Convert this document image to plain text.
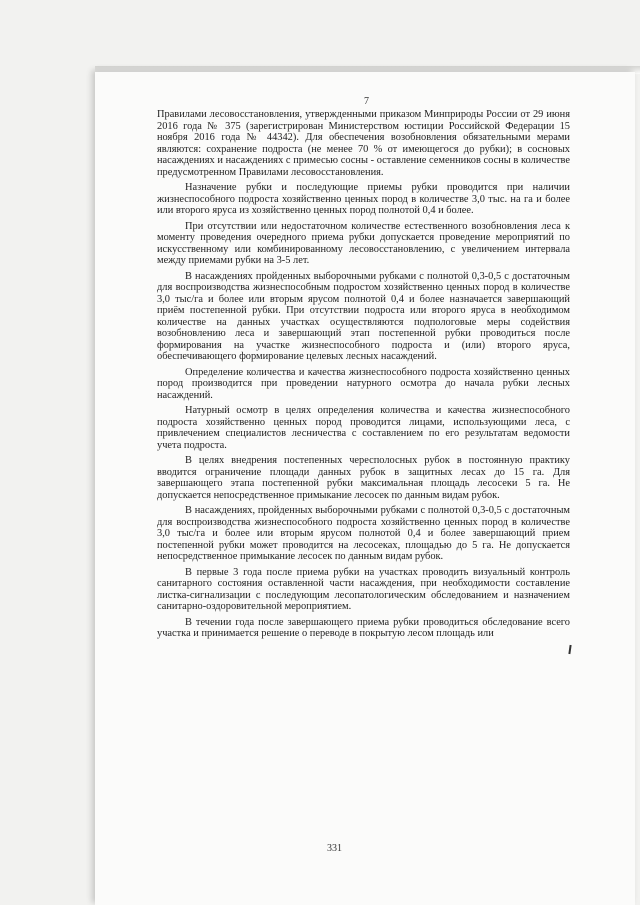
7

Правилами лесовосстановления, утвержденными приказом Минприроды России от 29 июня 2016 года № 375 (зарегистрирован Министерством юстиции Российской Федерации 15 ноября 2016 года № 44342). Для обеспечения возобновления обязательными мерами являются: сохранение подроста (не менее 70 % от имеющегося до рубки); в сосновых насаждениях и насаждениях с примесью сосны - оставление семенников сосны в количестве предусмотренном Правилами лесовосстановления.

Назначение рубки и последующие приемы рубки проводится при наличии жизнеспособного подроста хозяйственно ценных пород в количестве 3,0 тыс. на га и более или второго яруса из хозяйственно ценных пород полнотой 0,4 и более.

При отсутствии или недостаточном количестве естественного возобновления леса к моменту проведения очередного приема рубки допускается проведение мероприятий по искусственному или комбинированному лесовосстановлению, с увеличением интервала между приемами рубки на 3-5 лет.

В насаждениях пройденных выборочными рубками с полнотой 0,3-0,5 с достаточным для воспроизводства жизнеспособным подростом хозяйственно ценных пород в количестве 3,0 тыс/га и более или вторым ярусом полнотой 0,4 и более назначается завершающий приём постепенной рубки. При отсутствии подроста или второго яруса в необходимом количестве на данных участках осуществляются подпологовые меры содействия возобновлению леса и завершающий этап постепенной рубки проводиться после формирования на участке жизнеспособного подроста и (или) второго яруса, обеспечивающего формирование целевых лесных насаждений.

Определение количества и качества жизнеспособного подроста хозяйственно ценных пород производится при проведении натурного осмотра до начала рубки лесных насаждений.

Натурный осмотр в целях определения количества и качества жизнеспособного подроста хозяйственно ценных пород проводится лицами, использующими леса, с привлечением специалистов лесничества с составлением по его результатам ведомости учета подроста.

В целях внедрения постепенных чересполосных рубок в постоянную практику вводится ограничение площади данных рубок в защитных лесах до 15 га. Для завершающего этапа постепенной рубки максимальная площадь лесосеки 5 га. Не допускается непосредственное примыкание лесосек по данным видам рубок.

В насаждениях, пройденных выборочными рубками с полнотой 0,3-0,5 с достаточным для воспроизводства жизнеспособного подроста хозяйственно ценных пород в количестве 3,0 тыс/га и более или вторым ярусом полнотой 0,4 и более завершающий прием постепенной рубки может проводится на лесосеках, площадью до 5 га. Не допускается непосредственное примыкание лесосек по данным видам рубок.

В первые 3 года после приема рубки на участках проводить визуальный контроль санитарного состояния оставленной части насаждения, при необходимости составление листка-сигнализации с последующим лесопатологическим обследованием и назначением санитарно-оздоровительной мероприятием.

В течении года после завершающего приема рубки проводиться обследование всего участка и принимается решение о переводе в покрытую лесом площадь или

331
